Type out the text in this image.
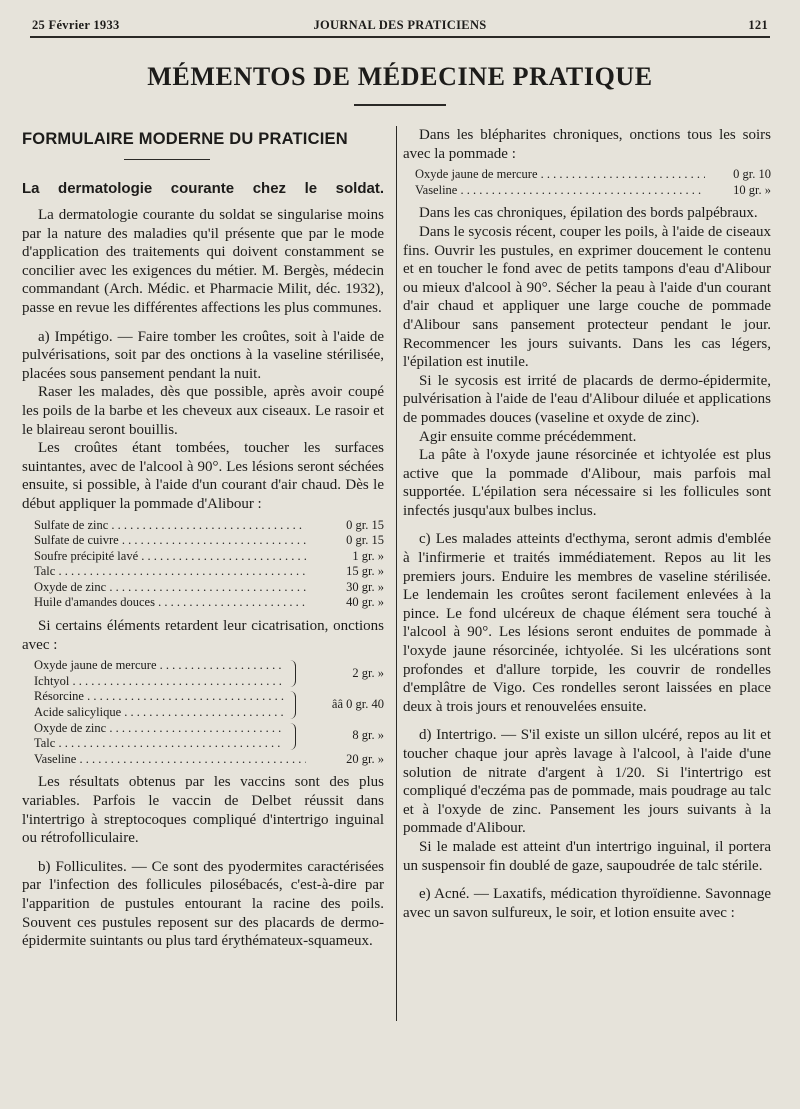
25 Février 1933	JOURNAL DES PRATICIENS	121
MÉMENTOS DE MÉDECINE PRATIQUE
FORMULAIRE MODERNE DU PRATICIEN
La dermatologie courante chez le soldat.

La dermatologie courante du soldat se singularise moins par la nature des maladies qu'il présente que par le mode d'application des traitements qui doivent constamment se concilier avec les exigences du métier. M. Bergès, médecin commandant (Arch. Médic. et Pharmacie Milit, déc. 1932), passe en revue les différentes affections les plus communes.

a) Impétigo. — Faire tomber les croûtes, soit à l'aide de pulvérisations, soit par des onctions à la vaseline stérilisée, placées sous pansement pendant la nuit.

Raser les malades, dès que possible, après avoir coupé les poils de la barbe et les cheveux aux ciseaux. Le rasoir et le blaireau seront bouillis.

Les croûtes étant tombées, toucher les surfaces suintantes, avec de l'alcool à 90°. Les lésions seront séchées ensuite, si possible, à l'aide d'un courant d'air chaud. Dès le début appliquer la pommade d'Alibour :

Sulfate de zinc . . .	0 gr. 15
Sulfate de cuivre . . .	0 gr. 15
Soufre précipité lavé . . .	1 gr. »
Talc . . .	15 gr. »
Oxyde de zinc . . .	30 gr. »
Huile d'amandes douces . . .	40 gr. »

Si certains éléments retardent leur cicatrisation, onctions avec :

Oxyde jaune de mercure . . .
Ichtyol . . .
2 gr. »
Résorcine . . .
Acide salicylique . . .
ââ 0 gr. 40
Oxyde de zinc . . .
Talc . . .
8 gr. »
Vaseline . . .	20 gr. »

Les résultats obtenus par les vaccins sont des plus variables. Parfois le vaccin de Delbet réussit dans l'intertrigo à streptocoques compliqué d'intertrigo inguinal ou rétrofolliculaire.

b) Folliculites. — Ce sont des pyodermites caractérisées par l'infection des follicules pilosébacés, c'est-à-dire par l'apparition de pustules entourant la racine des poils. Souvent ces pustules reposent sur des placards de dermo-épidermite suintants ou plus tard érythémateux-squameux.

Dans les blépharites chroniques, onctions tous les soirs avec la pommade :

Oxyde jaune de mercure . . .	0 gr. 10
Vaseline . . .	10 gr. »

Dans les cas chroniques, épilation des bords palpébraux.

Dans le sycosis récent, couper les poils, à l'aide de ciseaux fins. Ouvrir les pustules, en exprimer doucement le contenu et en toucher le fond avec de petits tampons d'eau d'Alibour ou mieux d'alcool à 90°. Sécher la peau à l'aide d'un courant d'air chaud et appliquer une large couche de pommade d'Alibour sans pansement protecteur pendant le jour. Recommencer les jours suivants. Dans les cas légers, l'épilation est inutile.

Si le sycosis est irrité de placards de dermo-épidermite, pulvérisation à l'aide de l'eau d'Alibour diluée et applications de pommades douces (vaseline et oxyde de zinc).

Agir ensuite comme précédemment.

La pâte à l'oxyde jaune résorcinée et ichtyolée est plus active que la pommade d'Alibour, mais parfois mal supportée. L'épilation sera nécessaire si les follicules sont infectés jusqu'aux bulbes inclus.

c) Les malades atteints d'ecthyma, seront admis d'emblée à l'infirmerie et traités immédiatement. Repos au lit les premiers jours. Enduire les membres de vaseline stérilisée. Le lendemain les croûtes seront facilement enlevées à la pince. Le fond ulcéreux de chaque élément sera touché à l'alcool à 90°. Les lésions seront enduites de pommade à l'oxyde jaune résorcinée, ichtyolée. Si les ulcérations sont profondes et d'allure torpide, les couvrir de rondelles d'emplâtre de Vigo. Ces rondelles seront laissées en place deux à trois jours et renouvelées ensuite.

d) Intertrigo. — S'il existe un sillon ulcéré, repos au lit et toucher chaque jour après lavage à l'alcool, à l'aide d'une solution de nitrate d'argent à 1/20. Si l'intertrigo est compliqué d'eczéma pas de pommade, mais poudrage au talc et à l'oxyde de zinc. Pansement les jours suivants à la pommade d'Alibour.

Si le malade est atteint d'un intertrigo inguinal, il portera un suspensoir fin doublé de gaze, saupoudrée de talc stérile.

e) Acné. — Laxatifs, médication thyroïdienne. Savonnage avec un savon sulfureux, le soir, et lotion ensuite avec :
